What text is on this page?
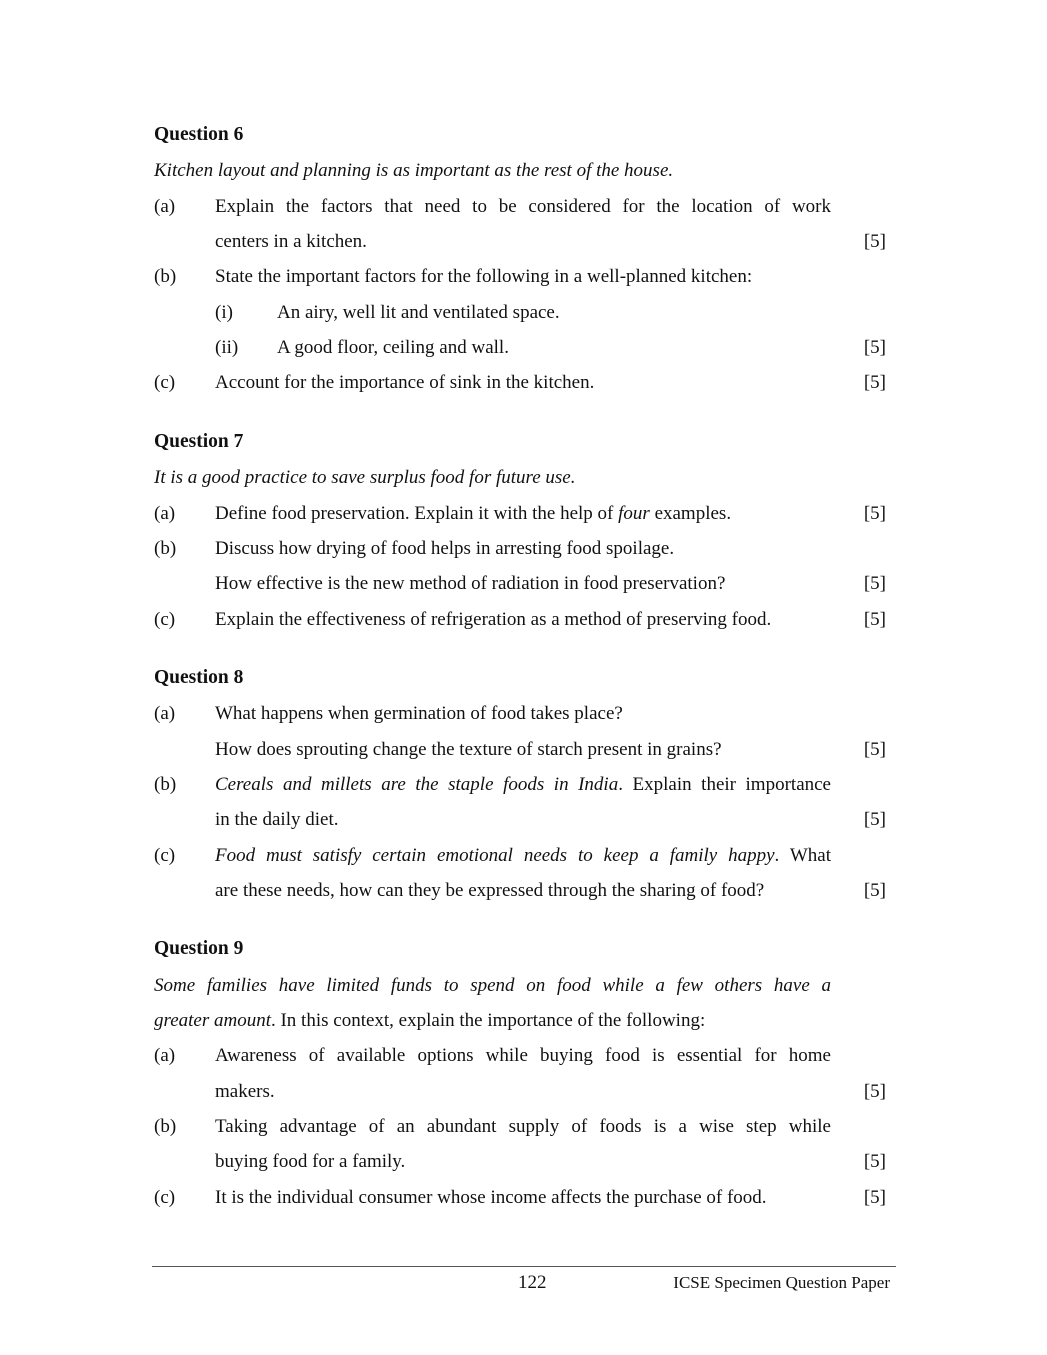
Question 6
Kitchen layout and planning is as important as the rest of the house.
(a) Explain the factors that need to be considered for the location of work
centers in a kitchen.	[5]
(b) State the important factors for the following in a well-planned kitchen:
(i) An airy, well lit and ventilated space.
(ii) A good floor, ceiling and wall.	[5]
(c) Account for the importance of sink in the kitchen.	[5]
Question 7
It is a good practice to save surplus food for future use.
(a) Define food preservation. Explain it with the help of four examples.	[5]
(b) Discuss how drying of food helps in arresting food spoilage.
How effective is the new method of radiation in food preservation?	[5]
(c) Explain the effectiveness of refrigeration as a method of preserving food.	[5]
Question 8
(a) What happens when germination of food takes place?
How does sprouting change the texture of starch present in grains?	[5]
(b) Cereals and millets are the staple foods in India. Explain their importance
in the daily diet.	[5]
(c) Food must satisfy certain emotional needs to keep a family happy. What
are these needs, how can they be expressed through the sharing of food?	[5]
Question 9
Some families have limited funds to spend on food while a few others have a
greater amount. In this context, explain the importance of the following:
(a) Awareness of available options while buying food is essential for home
makers.	[5]
(b) Taking advantage of an abundant supply of foods is a wise step while
buying food for a family.	[5]
(c) It is the individual consumer whose income affects the purchase of food.	[5]
122	ICSE Specimen Question Paper
